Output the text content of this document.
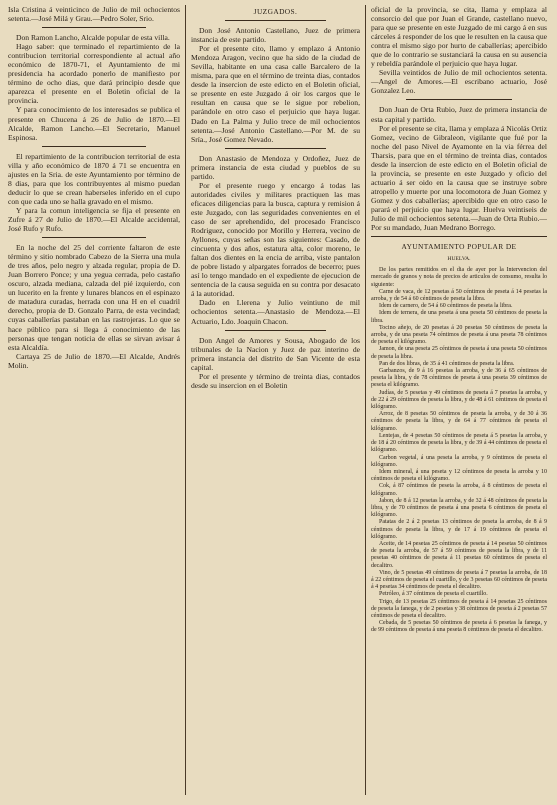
Isla Cristina á veinticinco de Julio de mil ochocientos setenta.—José Milá y Grau.—Pedro Soler, Srio.

Don Ramon Lancho, Alcalde popular de esta villa.

Hago saber: que terminado el repartimiento de la contribucion territorial correspondiente al actual año económico de 1870-71, el Ayuntamiento de mi presidencia ha acordado ponerlo de manifiesto por término de ocho dias, que dará principio desde que aparezca el presente en el Boletin oficial de la provincia.

Y para conocimiento de los interesados se publica el presente en Chucena á 26 de Julio de 1870.—El Alcalde, Ramon Lancho.—El Secretario, Manuel Espinosa.

El repartimiento de la contribucion territorial de esta villa y año económico de 1870 á 71 se encuentra en ajustes en la Sria. de este Ayuntamiento por término de 8 dias, para que los contribuyentes al mismo puedan deducir lo que se crean haberseles inferido en el cupo con que cada uno se halla gravado en el mismo.

Y para la comun inteligencia se fija el presente en Zufre á 27 de Julio de 1870.—El Alcalde accidental, José Rufo y Rufo.

En la noche del 25 del corriente faltaron de este término y sitio nombrado Cabezo de la Sierra una mula de tres años, pelo negro y alzada regular, propia de D. Juan Borrero Ponce; y una yegua cerrada, pelo castaño oscuro, alzada mediana, calzada del pié izquierdo, con un lucerito en la frente y lunares blancos en el espinazo de matadura curadas, herrada con una H en el cuadril derecho, propia de D. Gonzalo Parra, de esta vecindad; cuyas caballerías pastaban en las rastrojeras. Lo que se hace público para si llega á conocimiento de las personas que tengan noticia de ellas se sirvan avisar á esta Alcaldía.

Cartaya 25 de Julio de 1870.—El Alcalde, Andrés Molin.

JUZGADOS.

Don José Antonio Castellano, Juez de primera instancia de este partido.

Por el presente cito, llamo y emplazo á Antonio Mendoza Aragon, vecino que ha sido de la ciudad de Sevilla, habitante en una casa calle Barcalero de la misma, para que en el término de treinta dias, contados desde la insercion de este edicto en el Boletin oficial, se presente en este Juzgado á oir los cargos que le resultan en causa que se le sigue por rebelion, parándole en otro caso el perjuicio que haya lugar. Dado en La Palma y Julio trece de mil ochocientos setenta.—José Antonio Castellano.—Por M. de su Sría., José Gomez Nevado.

Don Anastasio de Mendoza y Ordoñez, Juez de primera instancia de esta ciudad y pueblos de su partido.

Por el presente ruego y encargo á todas las autoridades civiles y militares practiquen las mas eficaces diligencias para la busca, captura y remision á este Juzgado, con las seguridades convenientes en el caso de ser aprehendido, del procesado Francisco Rodriguez, conocido por Morillo y Herrera, vecino de Ayllones, cuyas señas son las siguientes: Casado, de cincuenta y dos años, estatura alta, color moreno, le faltan dos dientes en la encia de arriba, viste pantalon de pobre listado y alpargates forrados de becerro; pues así lo tengo mandado en el expediente de ejecucion de sentencia de la causa seguida en su contra por desacato á la autoridad.

Dado en Llerena y Julio veintiuno de mil ochocientos setenta.—Anastasio de Mendoza.—El Actuario, Ldo. Joaquin Chacon.

Don Angel de Amores y Sousa, Abogado de los tribunales de la Nacion y Juez de paz interino de primera instancia del distrito de San Vicente de esta capital.

Por el presente y término de treinta dias, contados desde su insercion en el Boletin

oficial de la provincia, se cita, llama y emplaza al consorcio del que por Juan el Grande, castellano nuevo, para que se presente en este Juzgado de mi cargo á en sus cárceles á responder de los que le resulten en la causa que contra el mismo sigo por hurto de caballerías; apercibido que de lo contrario se sustanciará la causa en su ausencia y rebeldía parándole el perjuicio que haya lugar.

Sevilla veintidos de Julio de mil ochocientos setenta.—Angel de Amores.—El escribano actuario, José Gonzalez Leo.

Don Juan de Orta Rubio, Juez de primera instancia de esta capital y partido.

Por el presente se cita, llama y emplaza á Nicolás Ortiz Gomez, vecino de Gibraleon, vigilante que fué por la noche del paso Nivel de Ayamonte en la via férrea del Tharsis, para que en el término de treinta dias, contados desde la insercion de este edicto en el Boletin oficial de la provincia, se presente en este Juzgado y oficio del actuario á ser oido en la causa que se instruye sobre atropello y muerte por una locomotora de Juan Gomez y Gomez y dos caballerías; apercibido que en otro caso le parará el perjuicio que haya lugar. Huelva veintiseis de Julio de mil ochocientos setenta.—Juan de Orta Rubio.—Por su mandado, Juan Medrano Borrego.

AYUNTAMIENTO POPULAR DE
HUELVA.

De los partes remitidos en el dia de ayer por la Intervencion del mercado de granos y nota de precios de articulos de consumo, resulta lo siguiente:

Carne de vaca, de 12 pesetas á 50 céntimos de peseta á 14 pesetas la arroba, y de 54 á 60 céntimos de peseta la libra.

Idem de carnero, de 54 á 60 céntimos de peseta la libra.

Idem de ternera, de una peseta á una peseta 50 céntimos de peseta la libra.

Tocino añejo, de 20 pesetas á 20 pesetas 50 céntimos de peseta la arroba, y de una peseta 74 céntimos de peseta á una peseta 78 céntimos de peseta el kilógramo.

Jamon, de una peseta 25 céntimos de peseta á una peseta 50 céntimos de peseta la libra.

Pan de dos libras, de 35 á 41 céntimos de peseta la libra.

Garbanzos, de 9 á 16 pesetas la arroba, y de 36 á 65 céntimos de peseta la libra, y de 78 céntimos de peseta á una peseta 39 céntimos de peseta el kilógramo.

Judías, de 5 pesetas y 49 céntimos de peseta á 7 pesetas la arroba, y de 22 á 29 céntimos de peseta la libra, y de 48 á 61 céntimos de peseta el kilógramo.

Arroz, de 8 pesetas 50 céntimos de peseta la arroba, y de 30 á 36 céntimos de peseta la libra, y de 64 á 77 céntimos de peseta el kilógramo.

Lentejas, de 4 pesetas 50 céntimos de peseta á 5 pesetas la arroba, y de 18 á 20 céntimos de peseta la libra, y de 39 á 44 céntimos de peseta el kilógramo.

Carbon vegetal, á una peseta la arroba, y 9 céntimos de peseta el kilógramo.

Idem mineral, á una peseta y 12 céntimos de peseta la arroba y 10 céntimos de peseta el kilógramo.

Cok, á 87 céntimos de peseta la arroba, á 8 céntimos de peseta el kilógramo.

Jabon, de 8 á 12 pesetas la arroba, y de 32 á 48 céntimos de peseta la libra, y de 70 céntimos de peseta á una peseta 6 céntimos de peseta el kilógramo.

Patatas de 2 á 2 pesetas 13 céntimos de peseta la arroba, de 8 á 9 céntimos de peseta la libra, y de 17 á 19 céntimos de peseta el kilógramo.

Aceite, de 14 pesetas 25 céntimos de peseta á 14 pesetas 50 céntimos de peseta la arroba, de 57 á 59 céntimos de peseta la libra, y de 11 pesetas 40 céntimos de peseta á 11 pesetas 60 céntimos de peseta el decalitro.

Vino, de 5 pesetas 49 céntimos de peseta á 7 pesetas la arroba, de 18 á 22 céntimos de peseta el cuartillo, y de 3 pesetas 60 céntimos de peseta á 4 pesetas 34 céntimos de peseta el decalitro.

Petróleo, á 37 céntimos de peseta el cuartillo.

Trigo, de 13 pesetas 25 céntimos de peseta á 14 pesetas 25 céntimos de peseta la fanega, y de 2 pesetas y 38 céntimos de peseta á 2 pesetas 57 céntimos de peseta el decalitro.

Cebada, de 5 pesetas 50 céntimos de peseta á 6 pesetas la fanega, y de 99 céntimos de peseta á una peseta 8 céntimos de peseta el decalitro.
